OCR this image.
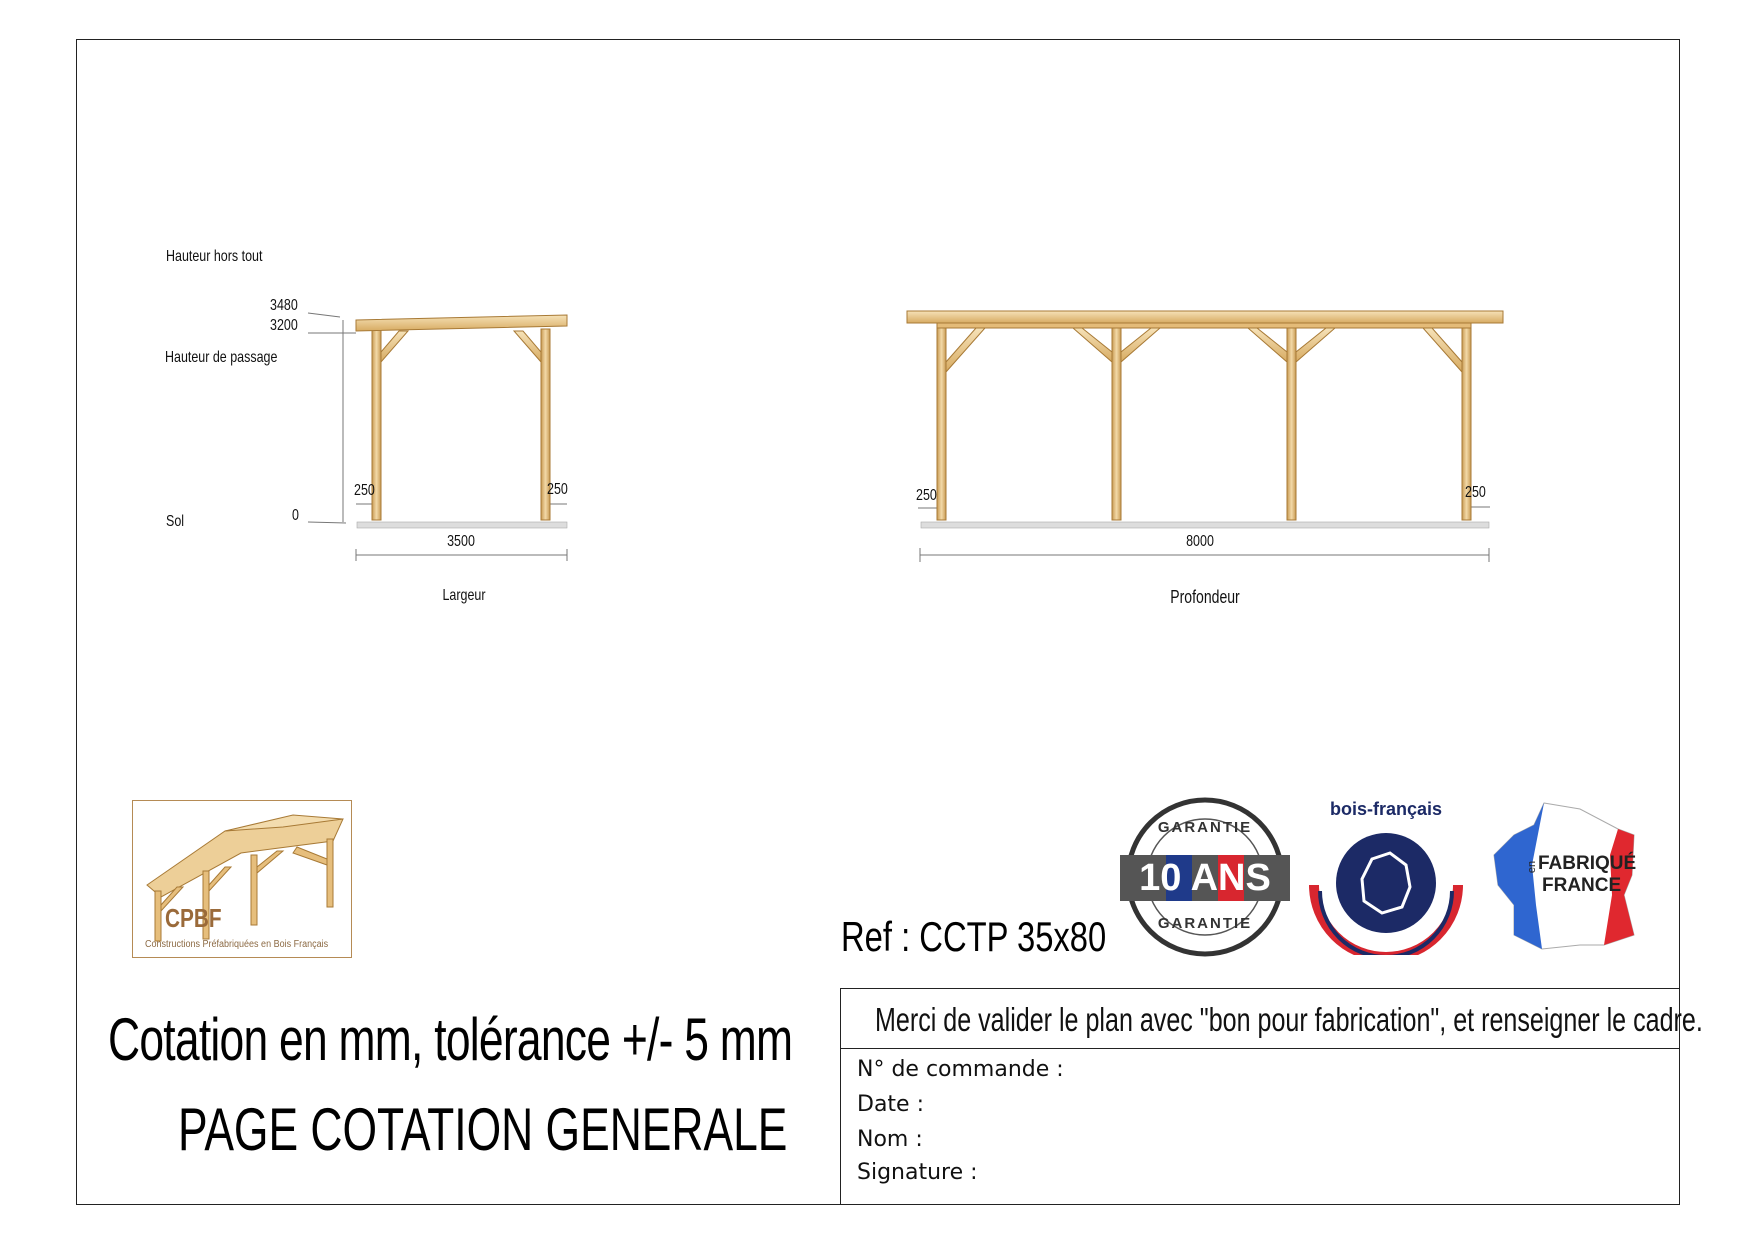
Hauteur hors tout
Hauteur de passage
Sol
3480
3200
0
250	250
3500
Largeur
250	250
8000
Profondeur
CPBF
Constructions Préfabriquées en Bois Français
10 ANS
GARANTIE
GARANTIE
bois-français
FABRIQUÉ
en
FRANCE
Ref : CCTP 35x80
Cotation en mm, tolérance +/- 5 mm
PAGE COTATION GENERALE
Merci de valider le plan avec "bon pour fabrication", et renseigner le cadre.
N° de commande :
Date :
Nom :
Signature :
